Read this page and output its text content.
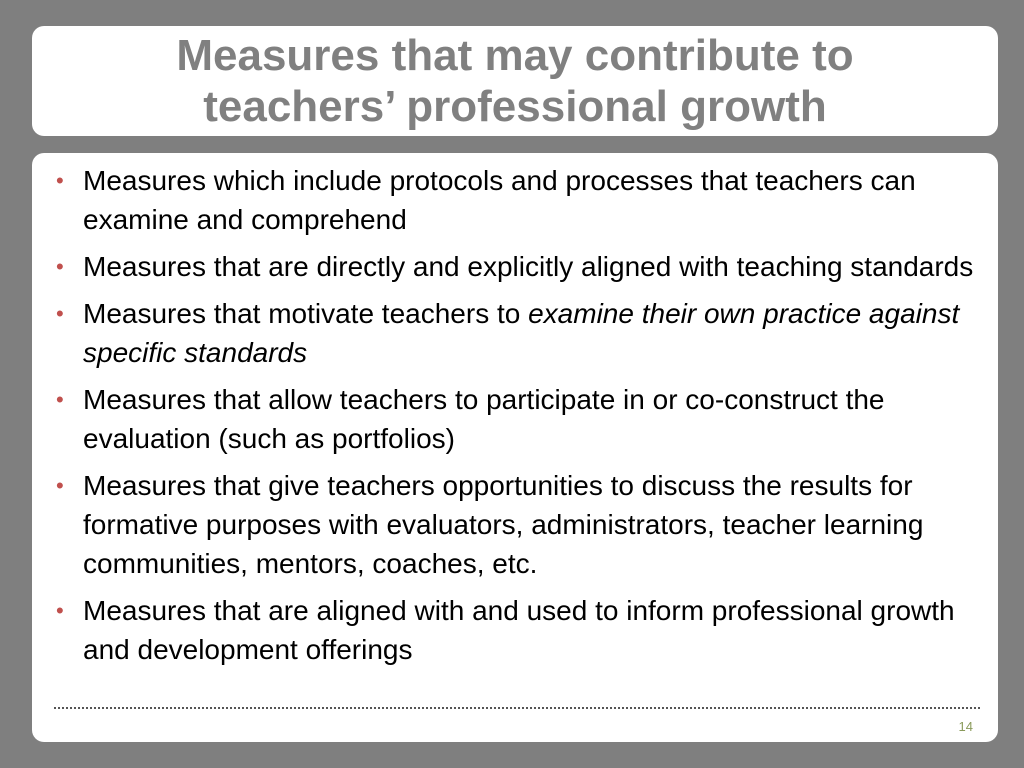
Measures that may contribute to
teachers’ professional growth
• Measures which include protocols and processes that teachers can examine and comprehend
• Measures that are directly and explicitly aligned with teaching standards
• Measures that motivate teachers to examine their own practice against specific standards
• Measures that allow teachers to participate in or co-construct the evaluation (such as portfolios)
• Measures that give teachers opportunities to discuss the results for formative purposes with evaluators, administrators, teacher learning communities, mentors, coaches, etc.
• Measures that are aligned with and used to inform professional growth and development offerings
14
